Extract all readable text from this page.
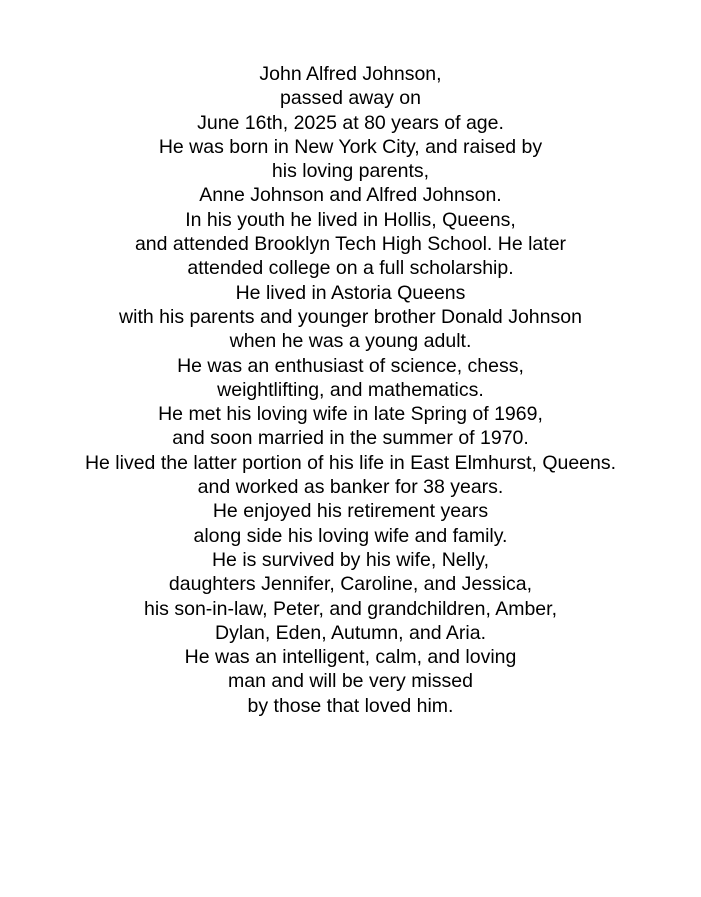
John Alfred Johnson,
passed away on
June 16th, 2025 at 80 years of age.
He was born in New York City, and raised by
his loving parents,
Anne Johnson and Alfred Johnson.
In his youth he lived in Hollis, Queens,
and attended Brooklyn Tech High School. He later
attended college on a full scholarship.
He lived in Astoria Queens
with his parents and younger brother Donald Johnson
when he was a young adult.
He was an enthusiast of science, chess,
weightlifting, and mathematics.
He met his loving wife in late Spring of 1969,
and soon married in the summer of 1970.
He lived the latter portion of his life in East Elmhurst, Queens.
and worked as banker for 38 years.
He enjoyed his retirement years
along side his loving wife and family.
He is survived by his wife, Nelly,
daughters Jennifer, Caroline, and Jessica,
his son-in-law, Peter, and grandchildren, Amber,
Dylan, Eden, Autumn, and Aria.
He was an intelligent, calm, and loving
man and will be very missed
by those that loved him.
